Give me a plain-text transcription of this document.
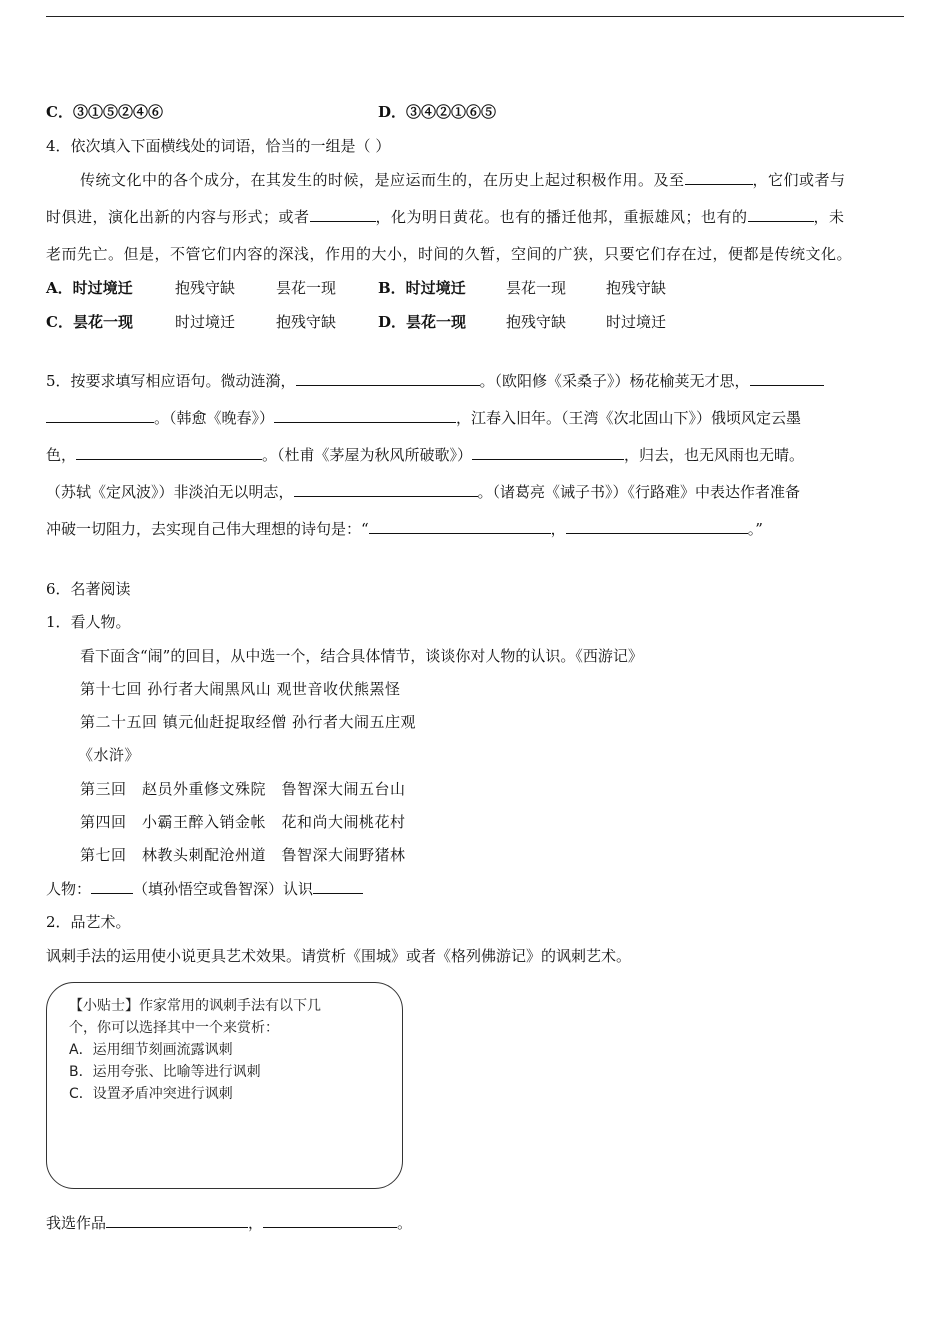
C．③①⑤②④⑥	D．③④②①⑥⑤
4．依次填入下面横线处的词语，恰当的一组是（ ）
传统文化中的各个成分，在其发生的时候，是应运而生的，在历史上起过积极作用。及至	，它们或者与
时俱进，演化出新的内容与形式；或者	，化为明日黄花。也有的播迁他邦，重振雄风；也有的	，未
老而先亡。但是，不管它们内容的深浅，作用的大小，时间的久暂，空间的广狭，只要它们存在过，便都是传统文化。
A．时过境迁	抱残守缺	昙花一现	B．时过境迁	昙花一现	抱残守缺
C．昙花一现	时过境迁	抱残守缺	D．昙花一现	抱残守缺	时过境迁
5．按要求填写相应语句。微动涟漪，	。（欧阳修《采桑子》）杨花榆荚无才思，
。（韩愈《晚春》）	，江春入旧年。（王湾《次北固山下》）俄顷风定云墨
色，	。（杜甫《茅屋为秋风所破歌》）	，归去，也无风雨也无晴。
（苏轼《定风波》）非淡泊无以明志，	。（诸葛亮《诫子书》）《行路难》中表达作者准备
冲破一切阻力，去实现自己伟大理想的诗句是：“	，	。”
6．名著阅读
1．看人物。
看下面含“闹”的回目，从中选一个，结合具体情节，谈谈你对人物的认识。《西游记》
第十七回 孙行者大闹黑风山 观世音收伏熊罴怪
第二十五回 镇元仙赶捉取经僧 孙行者大闹五庄观
《水浒》
第三回　赵员外重修文殊院　鲁智深大闹五台山
第四回　小霸王醉入销金帐　花和尚大闹桃花村
第七回　林教头刺配沧州道　鲁智深大闹野猪林
人物：	（填孙悟空或鲁智深）认识
2．品艺术。
讽刺手法的运用使小说更具艺术效果。请赏析《围城》或者《格列佛游记》的讽刺艺术。
【小贴士】作家常用的讽刺手法有以下几
个，你可以选择其中一个来赏析：
A．运用细节刻画流露讽刺
B．运用夸张、比喻等进行讽刺
C．设置矛盾冲突进行讽刺
我选作品	，	。
